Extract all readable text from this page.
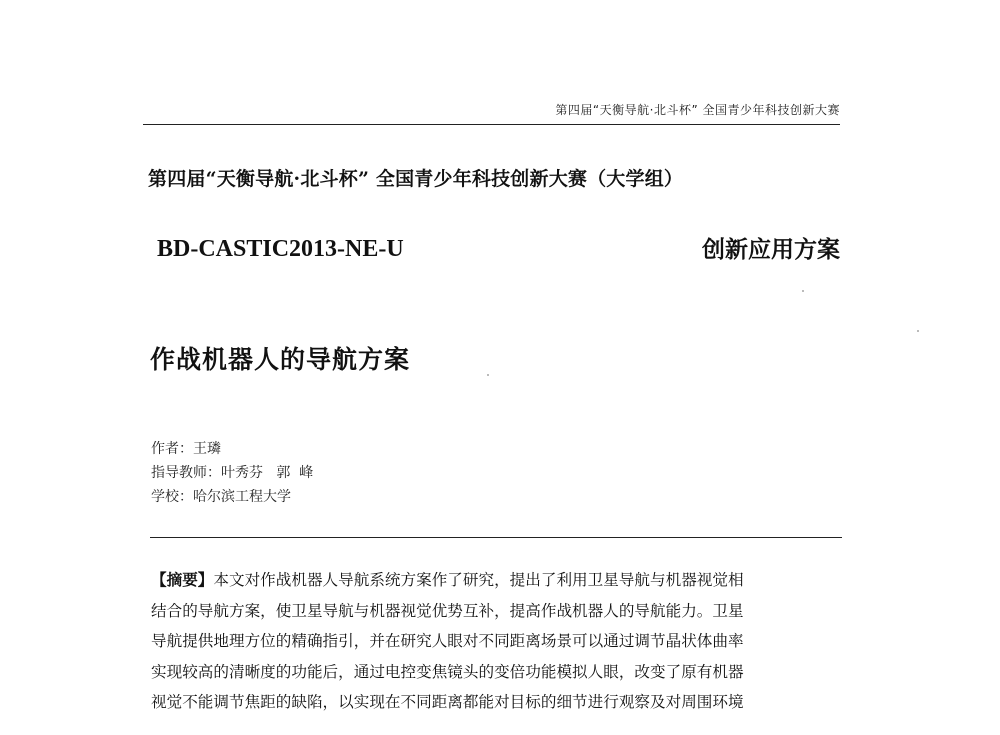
第四届“天衡导航·北斗杯” 全国青少年科技创新大赛
第四届“天衡导航·北斗杯” 全国青少年科技创新大赛（大学组）
BD-CASTIC2013-NE-U	创新应用方案
作战机器人的导航方案
作者：王璘
指导教师：叶秀芬   郭  峰
学校：哈尔滨工程大学
【摘要】本文对作战机器人导航系统方案作了研究，提出了利用卫星导航与机器视觉相
结合的导航方案，使卫星导航与机器视觉优势互补，提高作战机器人的导航能力。卫星
导航提供地理方位的精确指引，并在研究人眼对不同距离场景可以通过调节晶状体曲率
实现较高的清晰度的功能后，通过电控变焦镜头的变倍功能模拟人眼，改变了原有机器
视觉不能调节焦距的缺陷，以实现在不同距离都能对目标的细节进行观察及对周围环境
